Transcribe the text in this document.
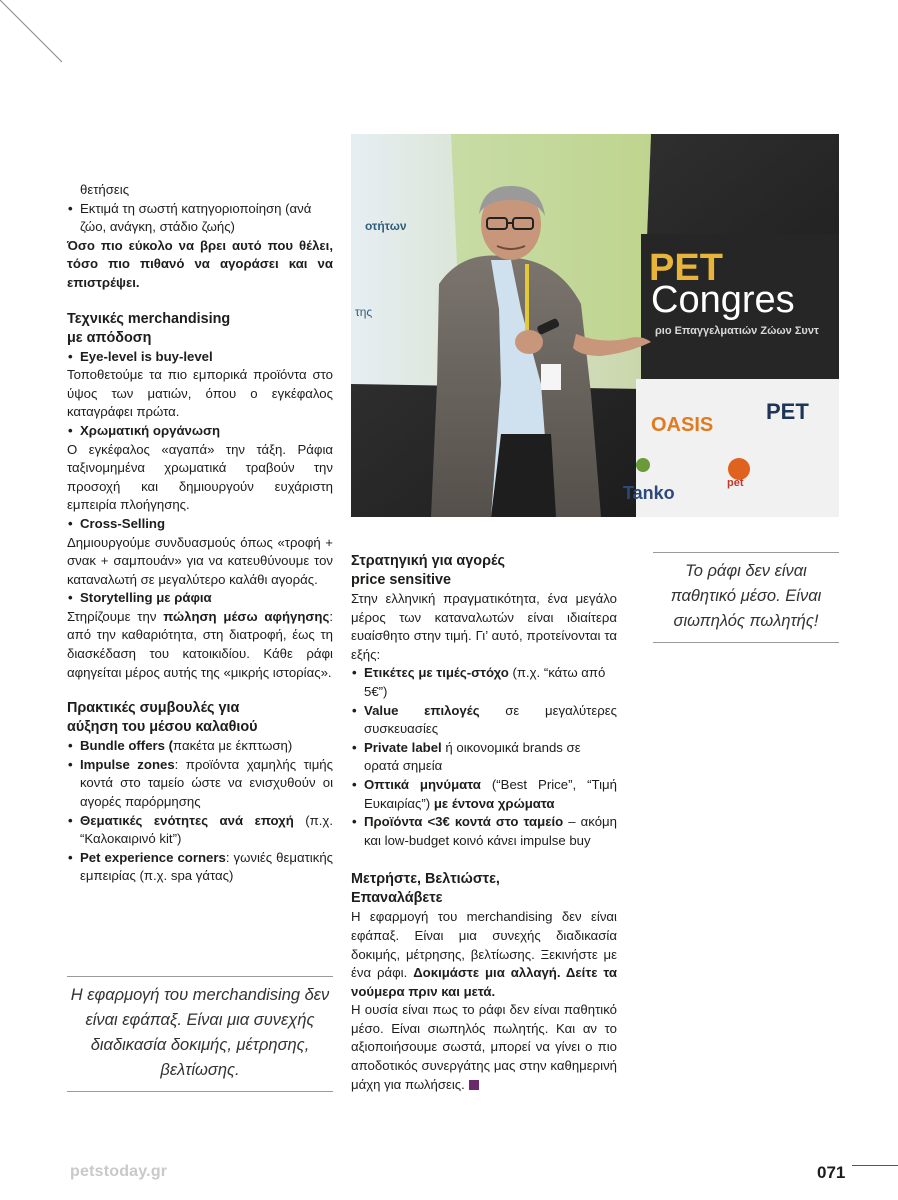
θετήσεις

• Εκτιμά τη σωστή κατηγοριοποίηση (ανά
ζώο, ανάγκη, στάδιο ζωής)

Όσο πιο εύκολο να βρει αυτό που θέλει, τόσο πιο πιθανό να αγοράσει και να επιστρέψει.

Τεχνικές merchandising
με απόδοση

• Eye-level is buy-level

Τοποθετούμε τα πιο εμπορικά προϊόντα στο ύψος των ματιών, όπου ο εγκέφαλος καταγράφει πρώτα.

• Χρωματική οργάνωση

Ο εγκέφαλος «αγαπά» την τάξη. Ράφια ταξινομημένα χρωματικά τραβούν την προσοχή και δημιουργούν ευχάριστη εμπειρία πλοήγησης.

• Cross-Selling

Δημιουργούμε συνδυασμούς όπως «τροφή + σνακ + σαμπουάν» για να κατευθύνουμε τον καταναλωτή σε μεγαλύτερο καλάθι αγοράς.

• Storytelling με ράφια

Στηρίζουμε την πώληση μέσω αφήγησης: από την καθαριότητα, στη διατροφή, έως τη διασκέδαση του κατοικιδίου. Κάθε ράφι αφηγείται μέρος αυτής της «μικρής ιστορίας».

Πρακτικές συμβουλές για
αύξηση του μέσου καλαθιού

• Bundle offers (πακέτα με έκπτωση)

• Impulse zones: προϊόντα χαμηλής τιμής κοντά στο ταμείο ώστε να ενισχυθούν οι αγορές παρόρμησης

• Θεματικές ενότητες ανά εποχή (π.χ. “Καλοκαιρινό kit”)

• Pet experience corners: γωνιές θεματικής εμπειρίας (π.χ. spa γάτας)

Η εφαρμογή του merchandising δεν είναι εφάπαξ. Είναι μια συνεχής διαδικασία δοκιμής, μέτρησης, βελτίωσης.
οτήτων
της
PET
Congres
ριο Επαγγελματιών Ζώων Συντ
OASIS
PET
Tanko	pet
Στρατηγική για αγορές
price sensitive

Στην ελληνική πραγματικότητα, ένα μεγάλο μέρος των καταναλωτών είναι ιδιαίτερα ευαίσθητο στην τιμή. Γι’ αυτό, προτείνονται τα εξής:

• Ετικέτες με τιμές-στόχο (π.χ. “κάτω από 5€”)

• Value επιλογές σε μεγαλύτερες συσκευασίες

• Private label ή οικονομικά brands σε ορατά σημεία

• Οπτικά μηνύματα (“Best Price”, “Τιμή Ευκαιρίας”) με έντονα χρώματα

• Προϊόντα <3€ κοντά στο ταμείο – ακόμη και low-budget κοινό κάνει impulse buy

Μετρήστε, Βελτιώστε,
Επαναλάβετε

Η εφαρμογή του merchandising δεν είναι εφάπαξ. Είναι μια συνεχής διαδικασία δοκιμής, μέτρησης, βελτίωσης. Ξεκινήστε με ένα ράφι. Δοκιμάστε μια αλλαγή. Δείτε τα νούμερα πριν και μετά.

Η ουσία είναι πως το ράφι δεν είναι παθητικό μέσο. Είναι σιωπηλός πωλητής. Και αν το αξιοποιήσουμε σωστά, μπορεί να γίνει ο πιο αποδοτικός συνεργάτης μας στην καθημερινή μάχη για πωλήσεις.

Το ράφι δεν είναι παθητικό μέσο. Είναι σιωπηλός πωλητής!
petstoday.gr	071
